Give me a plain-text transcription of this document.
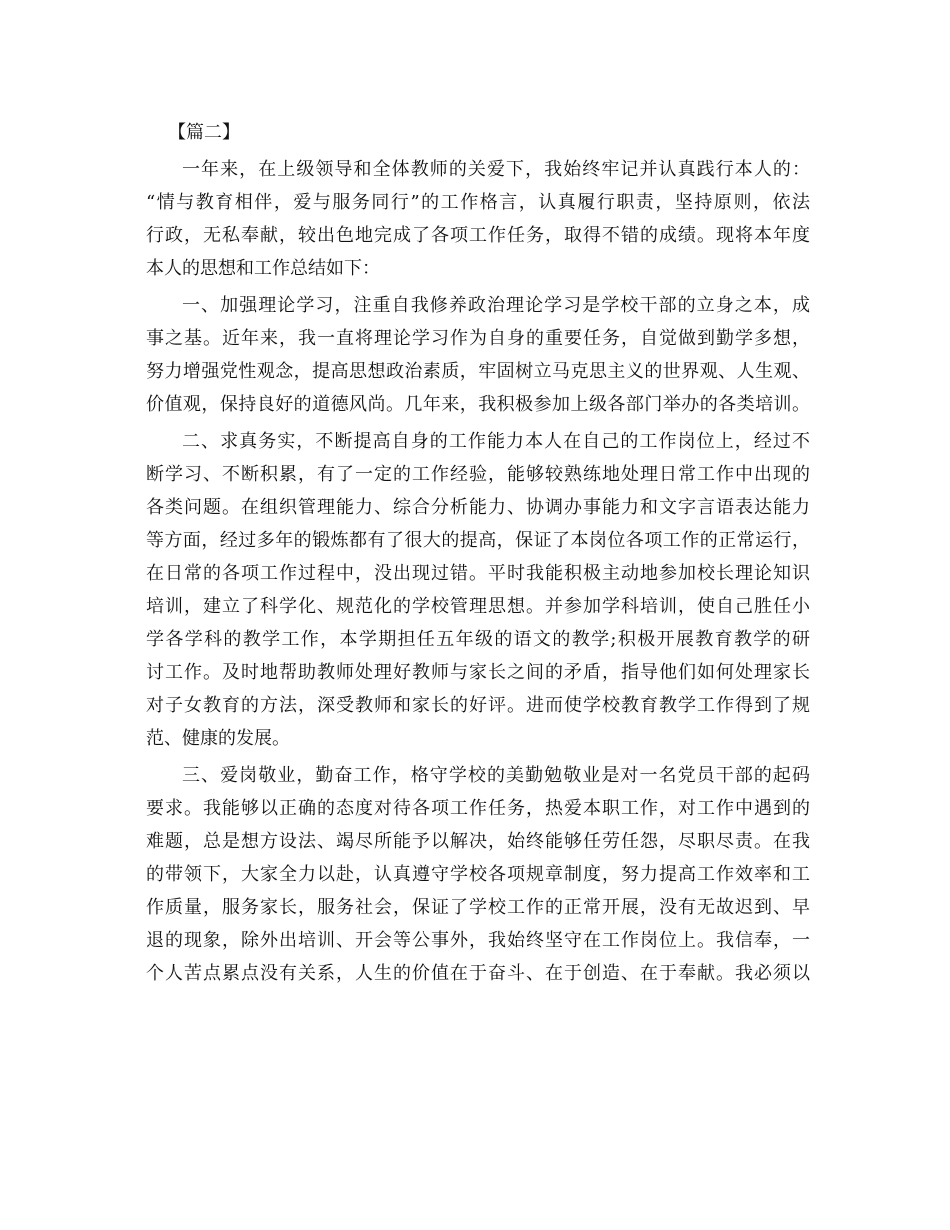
【篇二】
一年来，在上级领导和全体教师的关爱下，我始终牢记并认真践行本人的：
“情与教育相伴，爱与服务同行”的工作格言，认真履行职责，坚持原则，依法
行政，无私奉献，较出色地完成了各项工作任务，取得不错的成绩。现将本年度
本人的思想和工作总结如下：
一、加强理论学习，注重自我修养政治理论学习是学校干部的立身之本，成
事之基。近年来，我一直将理论学习作为自身的重要任务，自觉做到勤学多想，
努力增强党性观念，提高思想政治素质，牢固树立马克思主义的世界观、人生观、
价值观，保持良好的道德风尚。几年来，我积极参加上级各部门举办的各类培训。
二、求真务实，不断提高自身的工作能力本人在自己的工作岗位上，经过不
断学习、不断积累，有了一定的工作经验，能够较熟练地处理日常工作中出现的
各类问题。在组织管理能力、综合分析能力、协调办事能力和文字言语表达能力
等方面，经过多年的锻炼都有了很大的提高，保证了本岗位各项工作的正常运行，
在日常的各项工作过程中，没出现过错。平时我能积极主动地参加校长理论知识
培训，建立了科学化、规范化的学校管理思想。并参加学科培训，使自己胜任小
学各学科的教学工作，本学期担任五年级的语文的教学;积极开展教育教学的研
讨工作。及时地帮助教师处理好教师与家长之间的矛盾，指导他们如何处理家长
对子女教育的方法，深受教师和家长的好评。进而使学校教育教学工作得到了规
范、健康的发展。
三、爱岗敬业，勤奋工作，格守学校的美勤勉敬业是对一名党员干部的起码
要求。我能够以正确的态度对待各项工作任务，热爱本职工作，对工作中遇到的
难题，总是想方设法、竭尽所能予以解决，始终能够任劳任怨，尽职尽责。在我
的带领下，大家全力以赴，认真遵守学校各项规章制度，努力提高工作效率和工
作质量，服务家长，服务社会，保证了学校工作的正常开展，没有无故迟到、早
退的现象，除外出培训、开会等公事外，我始终坚守在工作岗位上。我信奉，一
个人苦点累点没有关系，人生的价值在于奋斗、在于创造、在于奉献。我必须以
